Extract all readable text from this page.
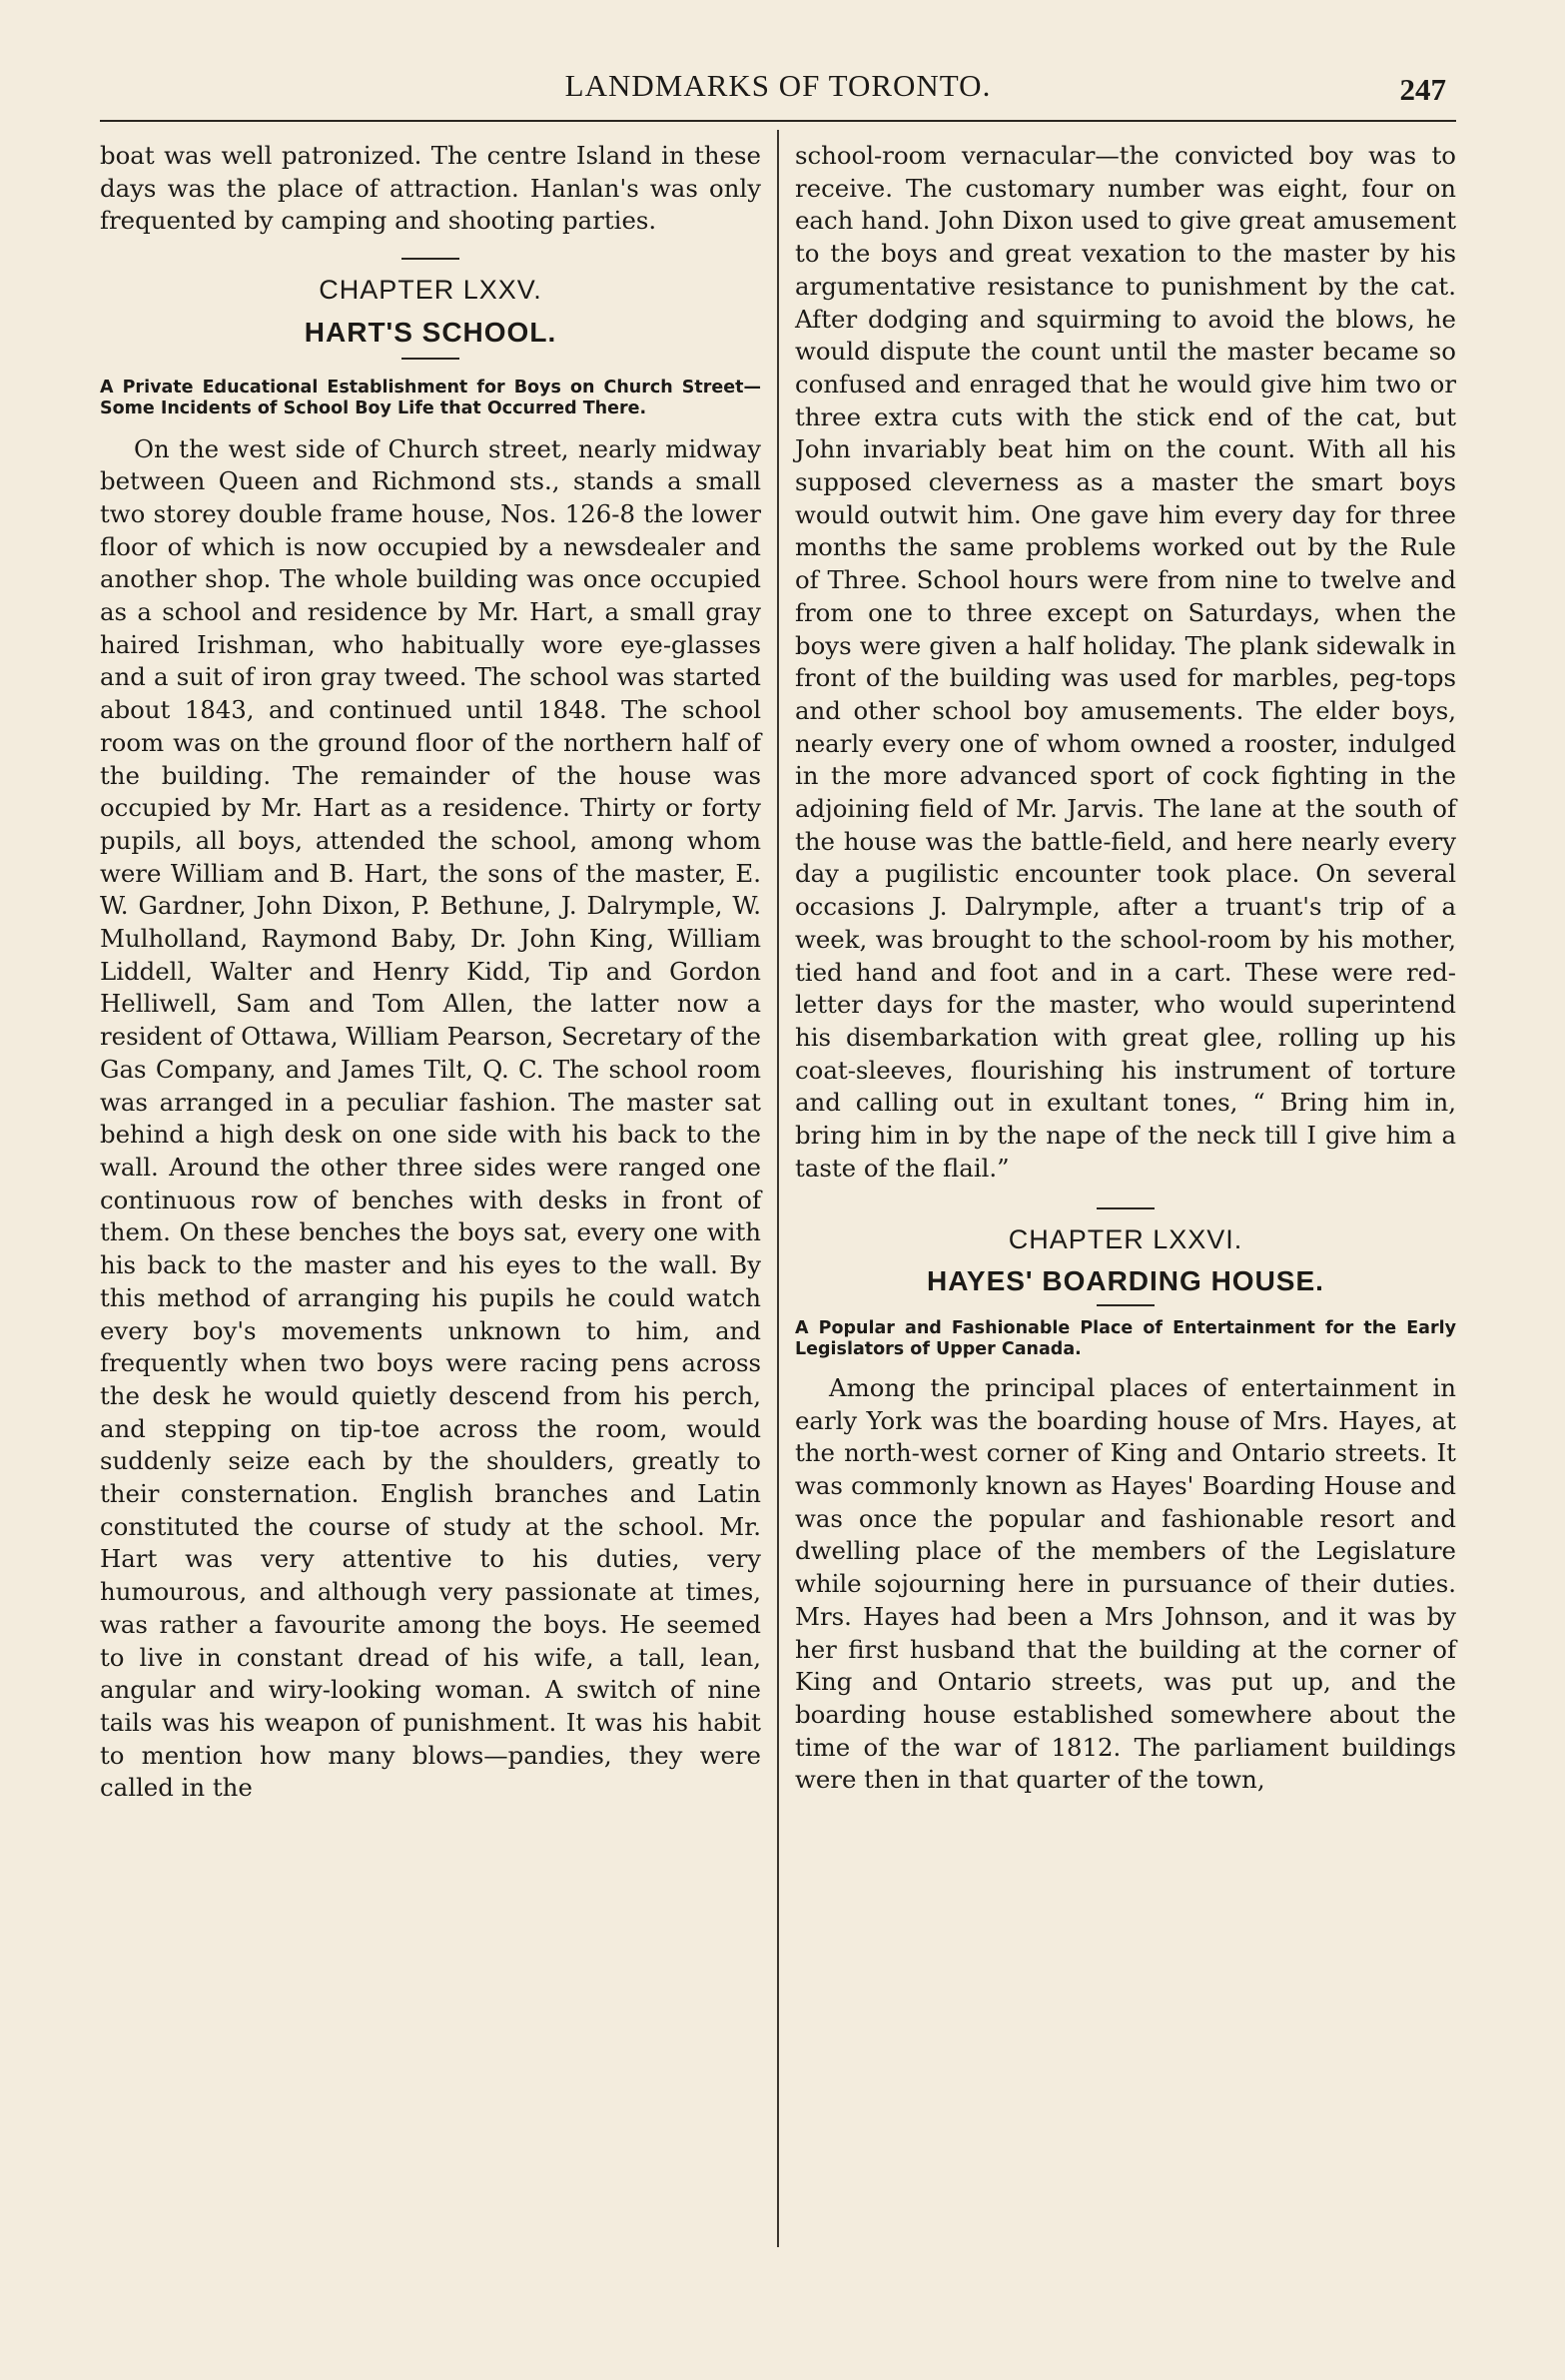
LANDMARKS OF TORONTO.	247

boat was well patronized. The centre Island in these days was the place of attraction. Hanlan's was only frequented by camping and shooting parties.

CHAPTER LXXV.
HART'S SCHOOL.
A Private Educational Establishment for Boys on Church Street—Some Incidents of School Boy Life that Occurred There.

On the west side of Church street, nearly midway between Queen and Richmond sts., stands a small two storey double frame house, Nos. 126-8 the lower floor of which is now occupied by a newsdealer and another shop. The whole building was once occupied as a school and residence by Mr. Hart, a small gray haired Irishman, who habitually wore eye-glasses and a suit of iron gray tweed. The school was started about 1843, and continued until 1848. The school room was on the ground floor of the northern half of the building. The remainder of the house was occupied by Mr. Hart as a residence. Thirty or forty pupils, all boys, attended the school, among whom were William and B. Hart, the sons of the master, E. W. Gardner, John Dixon, P. Bethune, J. Dalrymple, W. Mulholland, Raymond Baby, Dr. John King, William Liddell, Walter and Henry Kidd, Tip and Gordon Helliwell, Sam and Tom Allen, the latter now a resident of Ottawa, William Pearson, Secretary of the Gas Company, and James Tilt, Q. C. The school room was arranged in a peculiar fashion. The master sat behind a high desk on one side with his back to the wall. Around the other three sides were ranged one continuous row of benches with desks in front of them. On these benches the boys sat, every one with his back to the master and his eyes to the wall. By this method of arranging his pupils he could watch every boy's movements unknown to him, and frequently when two boys were racing pens across the desk he would quietly descend from his perch, and stepping on tip-toe across the room, would suddenly seize each by the shoulders, greatly to their consternation. English branches and Latin constituted the course of study at the school. Mr. Hart was very attentive to his duties, very humourous, and although very passionate at times, was rather a favourite among the boys. He seemed to live in constant dread of his wife, a tall, lean, angular and wiry-looking woman. A switch of nine tails was his weapon of punishment. It was his habit to mention how many blows—pandies, they were called in the

school-room vernacular—the convicted boy was to receive. The customary number was eight, four on each hand. John Dixon used to give great amusement to the boys and great vexation to the master by his argumentative resistance to punishment by the cat. After dodging and squirming to avoid the blows, he would dispute the count until the master became so confused and enraged that he would give him two or three extra cuts with the stick end of the cat, but John invariably beat him on the count. With all his supposed cleverness as a master the smart boys would outwit him. One gave him every day for three months the same problems worked out by the Rule of Three. School hours were from nine to twelve and from one to three except on Saturdays, when the boys were given a half holiday. The plank sidewalk in front of the building was used for marbles, peg-tops and other school boy amusements. The elder boys, nearly every one of whom owned a rooster, indulged in the more advanced sport of cock fighting in the adjoining field of Mr. Jarvis. The lane at the south of the house was the battle-field, and here nearly every day a pugilistic encounter took place. On several occasions J. Dalrymple, after a truant's trip of a week, was brought to the school-room by his mother, tied hand and foot and in a cart. These were red-letter days for the master, who would superintend his disembarkation with great glee, rolling up his coat-sleeves, flourishing his instrument of torture and calling out in exultant tones, “ Bring him in, bring him in by the nape of the neck till I give him a taste of the flail.”

CHAPTER LXXVI.
HAYES' BOARDING HOUSE.
A Popular and Fashionable Place of Entertainment for the Early Legislators of Upper Canada.

Among the principal places of entertainment in early York was the boarding house of Mrs. Hayes, at the north-west corner of King and Ontario streets. It was commonly known as Hayes' Boarding House and was once the popular and fashionable resort and dwelling place of the members of the Legislature while sojourning here in pursuance of their duties. Mrs. Hayes had been a Mrs Johnson, and it was by her first husband that the building at the corner of King and Ontario streets, was put up, and the boarding house established somewhere about the time of the war of 1812. The parliament buildings were then in that quarter of the town,
